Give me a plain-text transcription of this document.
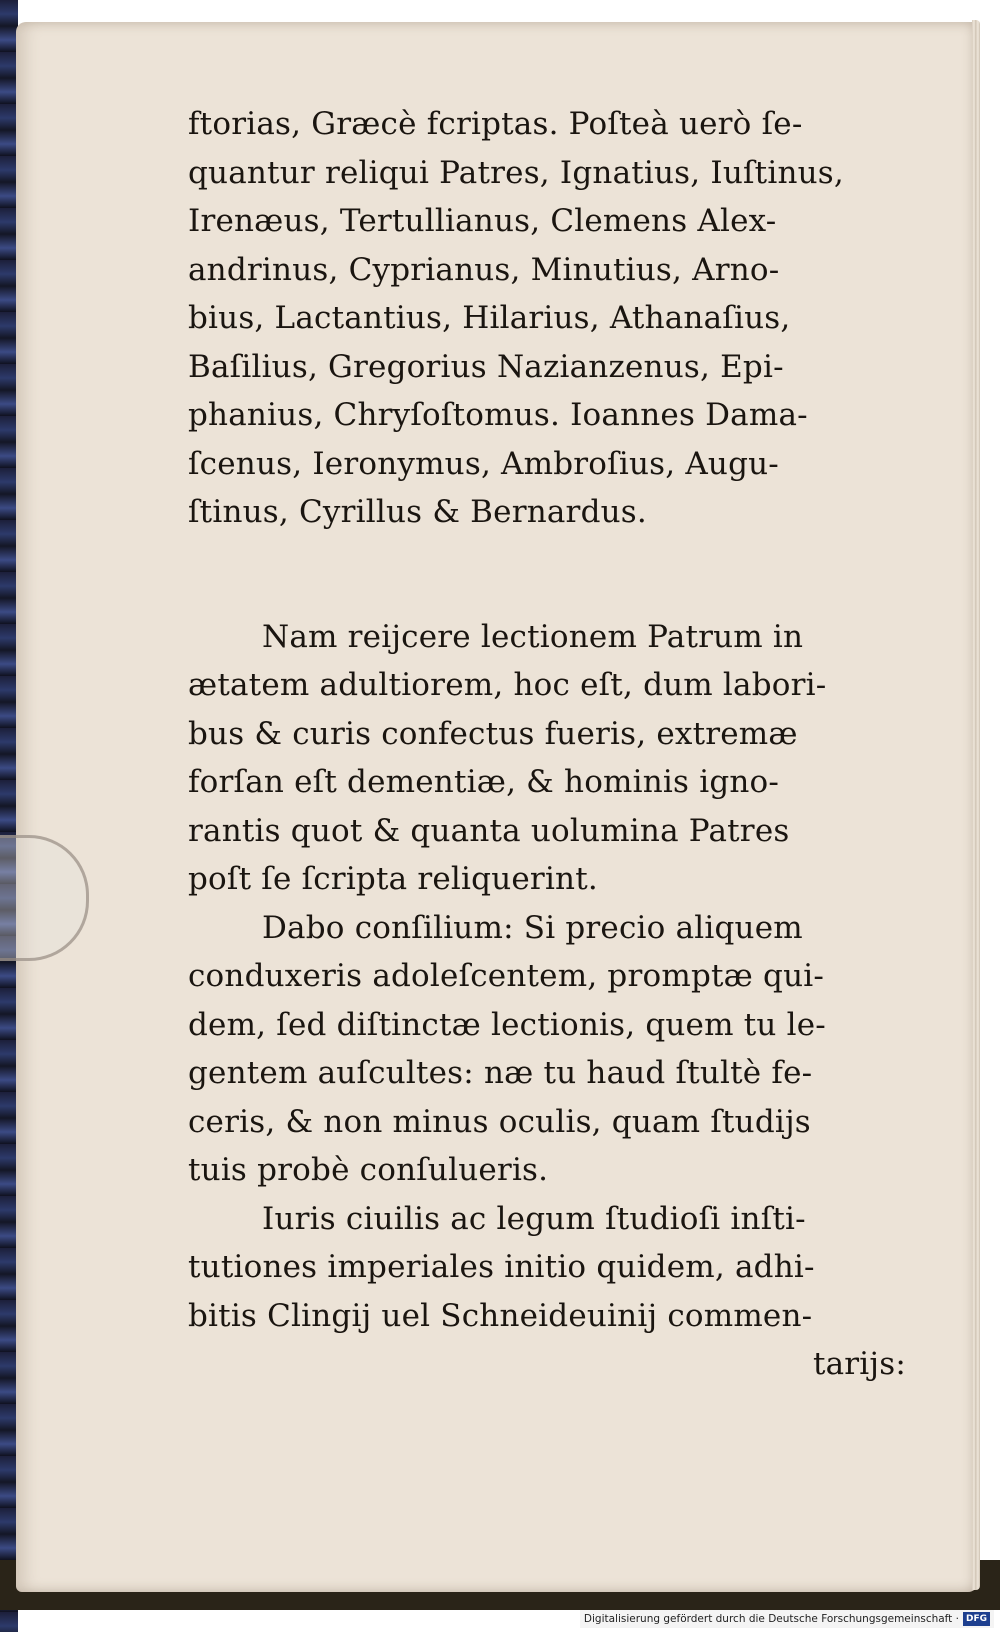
ftorias, Græcè fcriptas. Poſteà uerò ſe-
quantur reliqui Patres, Ignatius, Iuſtinus,
Irenæus, Tertullianus, Clemens Alex-
andrinus, Cyprianus, Minutius, Arno-
bius, Lactantius, Hilarius, Athanaſius,
Baſilius, Gregorius Nazianzenus, Epi-
phanius, Chryſoſtomus. Ioannes Dama-
ſcenus, Ieronymus, Ambroſius, Augu-
ſtinus, Cyrillus & Bernardus.
Nam reijcere lectionem Patrum in
ætatem adultiorem, hoc eſt, dum labori-
bus & curis confectus fueris, extremæ
forſan eſt dementiæ, & hominis igno-
rantis quot & quanta uolumina Patres
poſt ſe ſcripta reliquerint.
Dabo conſilium: Si precio aliquem
conduxeris adoleſcentem, promptæ qui-
dem, ſed diſtinctæ lectionis, quem tu le-
gentem auſcultes: næ tu haud ſtultè fe-
ceris, & non minus oculis, quam ſtudijs
tuis probè conſulueris.
Iuris ciuilis ac legum ſtudioſi inſti-
tutiones imperiales initio quidem, adhi-
bitis Clingij uel Schneideuinij commen-
tarijs:
Digitalisierung gefördert durch die Deutsche Forschungsgemeinschaft · DFG
